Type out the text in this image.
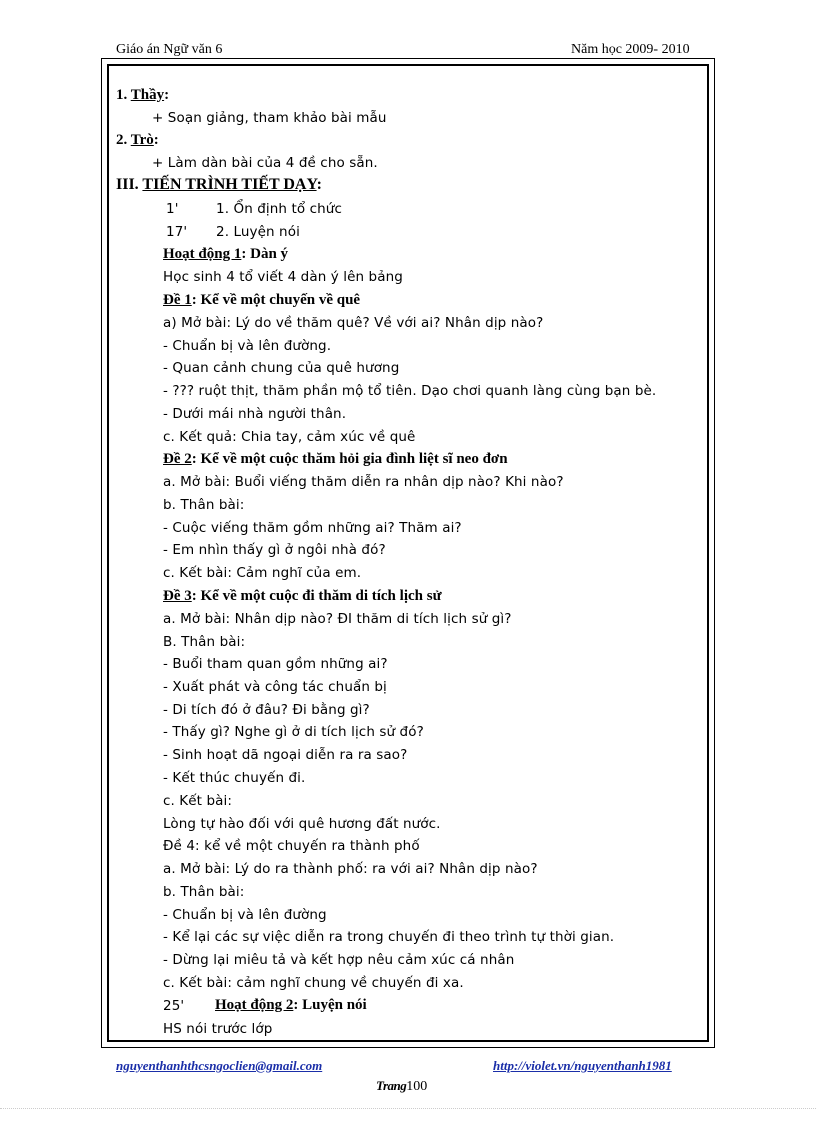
Giáo án Ngữ văn 6	Năm học 2009- 2010
1. Thầy:
+ Soạn giảng, tham khảo bài mẫu
2. Trò:
+ Làm dàn bài của 4 đề cho sẵn.
III. TIẾN TRÌNH TIẾT DẠY:
1'	1. Ổn định tổ chức
17' 2. Luyện nói
Hoạt động 1: Dàn ý
Học sinh 4 tổ viết 4 dàn ý lên bảng
Đề 1: Kể về một chuyến về quê
a) Mở bài: Lý do về thăm quê? Về với ai? Nhân dịp nào?
- Chuẩn bị và lên đường.
- Quan cảnh chung của quê hương
- ??? ruột thịt, thăm phần mộ tổ tiên. Dạo chơi quanh làng cùng bạn bè.
- Dưới mái nhà người thân.
c. Kết quả: Chia tay, cảm xúc về quê
Đề 2: Kể về một cuộc thăm hỏi gia đình liệt sĩ neo đơn
a. Mở bài: Buổi viếng thăm diễn ra nhân dịp nào? Khi nào?
b. Thân bài:
- Cuộc viếng thăm gồm những ai? Thăm ai?
- Em nhìn thấy gì ở ngôi nhà đó?
c. Kết bài: Cảm nghĩ của em.
Đề 3: Kể về một cuộc đi thăm di tích lịch sử
a. Mở bài: Nhân dịp nào? ĐI thăm di tích lịch sử gì?
B. Thân bài:
- Buổi tham quan gồm những ai?
- Xuất phát và công tác chuẩn bị
- Di tích đó ở đâu? Đi bằng gì?
- Thấy gì? Nghe gì ở di tích lịch sử đó?
- Sinh hoạt dã ngoại diễn ra ra sao?
- Kết thúc chuyến đi.
c. Kết bài:
Lòng tự hào đối với quê hương đất nước.
Đề 4: kể về một chuyến ra thành phố
a. Mở bài: Lý do ra thành phố: ra với ai? Nhân dịp nào?
b. Thân bài:
- Chuẩn bị và lên đường
- Kể lại các sự việc diễn ra trong chuyến đi theo trình tự thời gian.
- Dừng lại miêu tả và kết hợp nêu cảm xúc cá nhân
c. Kết bài: cảm nghĩ chung về chuyến đi xa.
25' Hoạt động 2: Luyện nói
HS nói trước lớp
nguyenthanhthcsngoclien@gmail.com	http://violet.vn/nguyenthanh1981
Trang100
